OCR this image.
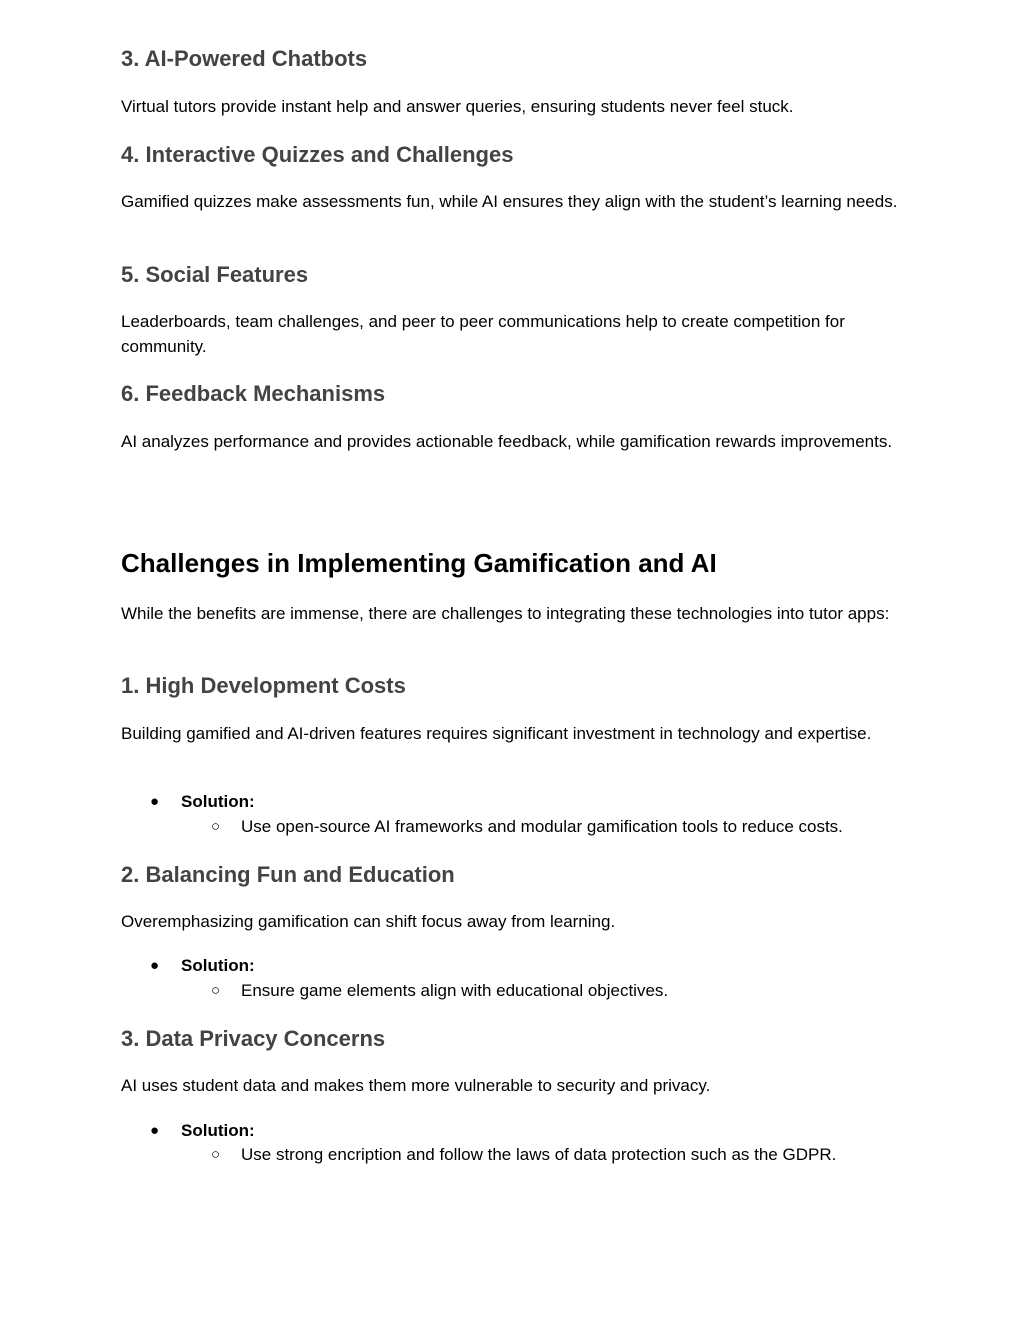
3. AI-Powered Chatbots

Virtual tutors provide instant help and answer queries, ensuring students never feel stuck.

4. Interactive Quizzes and Challenges

Gamified quizzes make assessments fun, while AI ensures they align with the student’s learning needs.

5. Social Features

Leaderboards, team challenges, and peer to peer communications help to create competition for community.

6. Feedback Mechanisms

AI analyzes performance and provides actionable feedback, while gamification rewards improvements.

Challenges in Implementing Gamification and AI

While the benefits are immense, there are challenges to integrating these technologies into tutor apps:

1. High Development Costs

Building gamified and AI-driven features requires significant investment in technology and expertise.

● Solution:
○ Use open-source AI frameworks and modular gamification tools to reduce costs.
2. Balancing Fun and Education

Overemphasizing gamification can shift focus away from learning.

● Solution:
○ Ensure game elements align with educational objectives.
3. Data Privacy Concerns

AI uses student data and makes them more vulnerable to security and privacy.

● Solution:
○ Use strong encription and follow the laws of data protection such as the GDPR.
